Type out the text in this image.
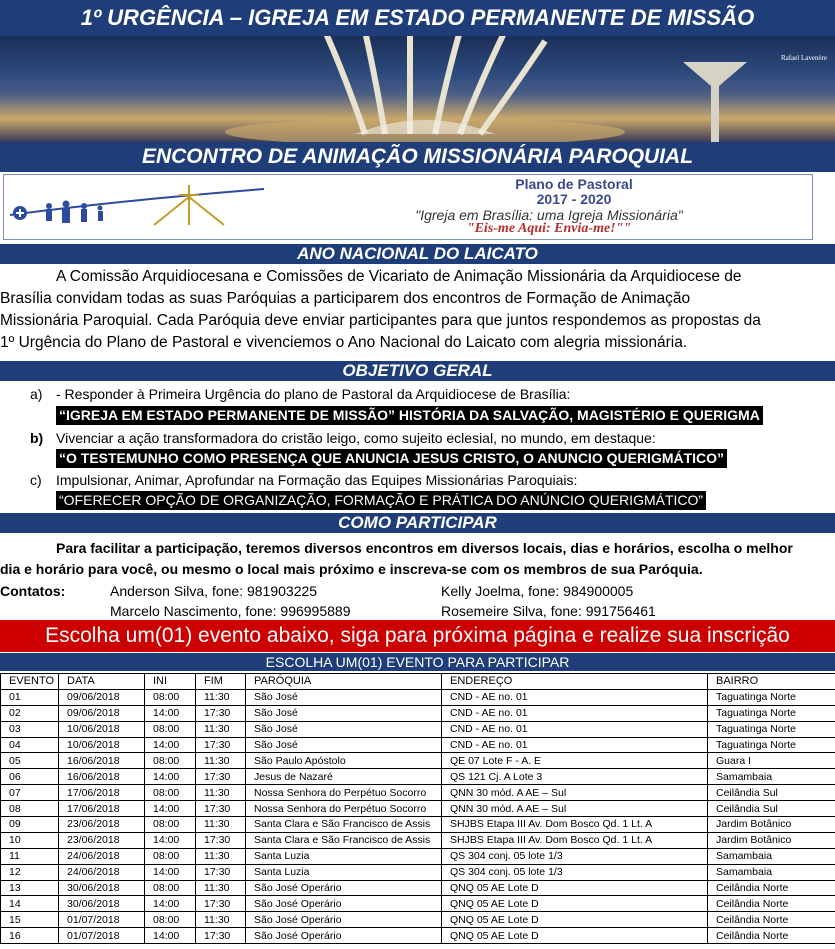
1º URGÊNCIA – IGREJA EM ESTADO PERMANENTE DE MISSÃO
Rafael Lavenère
ENCONTRO DE ANIMAÇÃO MISSIONÁRIA PAROQUIAL
Plano de Pastoral
2017 - 2020
"Igreja em Brasília: uma Igreja Missionária"
"Eis-me Aqui: Envia-me!""
ANO NACIONAL DO LAICATO
A Comissão Arquidiocesana e Comissões de Vicariato de Animação Missionária da Arquidiocese de
Brasília convidam todas as suas Paróquias a participarem dos encontros de Formação de Animação
Missionária Paroquial. Cada Paróquia deve enviar participantes para que juntos respondemos as propostas da
1º Urgência do Plano de Pastoral e vivenciemos o Ano Nacional do Laicato com alegria missionária.
OBJETIVO GERAL
a) - Responder à Primeira Urgência do plano de Pastoral da Arquidiocese de Brasília:
“IGREJA EM ESTADO PERMANENTE DE MISSÃO” HISTÓRIA DA SALVAÇÃO, MAGISTÉRIO E QUERIGMA
b) Vivenciar a ação transformadora do cristão leigo, como sujeito eclesial, no mundo, em destaque:
“O TESTEMUNHO COMO PRESENÇA QUE ANUNCIA JESUS CRISTO, O ANUNCIO QUERIGMÁTICO”
c) Impulsionar, Animar, Aprofundar na Formação das Equipes Missionárias Paroquiais:
“OFERECER OPÇÃO DE ORGANIZAÇÃO, FORMAÇÃO E PRÁTICA DO ANÚNCIO QUERIGMÁTICO”
COMO PARTICIPAR
Para facilitar a participação, teremos diversos encontros em diversos locais, dias e horários, escolha o melhor
dia e horário para você, ou mesmo o local mais próximo e inscreva-se com os membros de sua Paróquia.
Contatos:	Anderson Silva, fone: 981903225	Kelly Joelma, fone: 984900005
Marcelo Nascimento, fone: 996995889	Rosemeire Silva, fone: 991756461
Escolha um(01) evento abaixo, siga para próxima página e realize sua inscrição
ESCOLHA UM(01) EVENTO PARA PARTICIPAR
EVENTO	DATA	INI	FIM	PARÓQUIA	ENDEREÇO	BAIRRO
01	09/06/2018	08:00	11:30	São José	CND - AE no. 01	Taguatinga Norte
02	09/06/2018	14:00	17:30	São José	CND - AE no. 01	Taguatinga Norte
03	10/06/2018	08:00	11:30	São José	CND - AE no. 01	Taguatinga Norte
04	10/06/2018	14:00	17:30	São José	CND - AE no. 01	Taguatinga Norte
05	16/06/2018	08:00	11:30	São Paulo Apóstolo	QE 07 Lote F - A. E	Guara I
06	16/06/2018	14:00	17:30	Jesus de Nazaré	QS 121 Cj. A Lote 3	Samambaia
07	17/06/2018	08:00	11:30	Nossa Senhora do Perpétuo Socorro	QNN 30 mód. A AE – Sul	Ceilândia Sul
08	17/06/2018	14:00	17:30	Nossa Senhora do Perpétuo Socorro	QNN 30 mód. A AE – Sul	Ceilândia Sul
09	23/06/2018	08:00	11:30	Santa Clara e São Francisco de Assis	SHJBS Etapa III Av. Dom Bosco Qd. 1 Lt. A	Jardim Botânico
10	23/06/2018	14:00	17:30	Santa Clara e São Francisco de Assis	SHJBS Etapa III Av. Dom Bosco Qd. 1 Lt. A	Jardim Botânico
11	24/06/2018	08:00	11:30	Santa Luzia	QS 304 conj. 05 lote 1/3	Samambaia
12	24/06/2018	14:00	17:30	Santa Luzia	QS 304 conj. 05 lote 1/3	Samambaia
13	30/06/2018	08:00	11:30	São José Operário	QNQ 05 AE Lote D	Ceilândia Norte
14	30/06/2018	14:00	17:30	São José Operário	QNQ 05 AE Lote D	Ceilândia Norte
15	01/07/2018	08:00	11:30	São José Operário	QNQ 05 AE Lote D	Ceilândia Norte
16	01/07/2018	14:00	17:30	São José Operário	QNQ 05 AE Lote D	Ceilândia Norte
